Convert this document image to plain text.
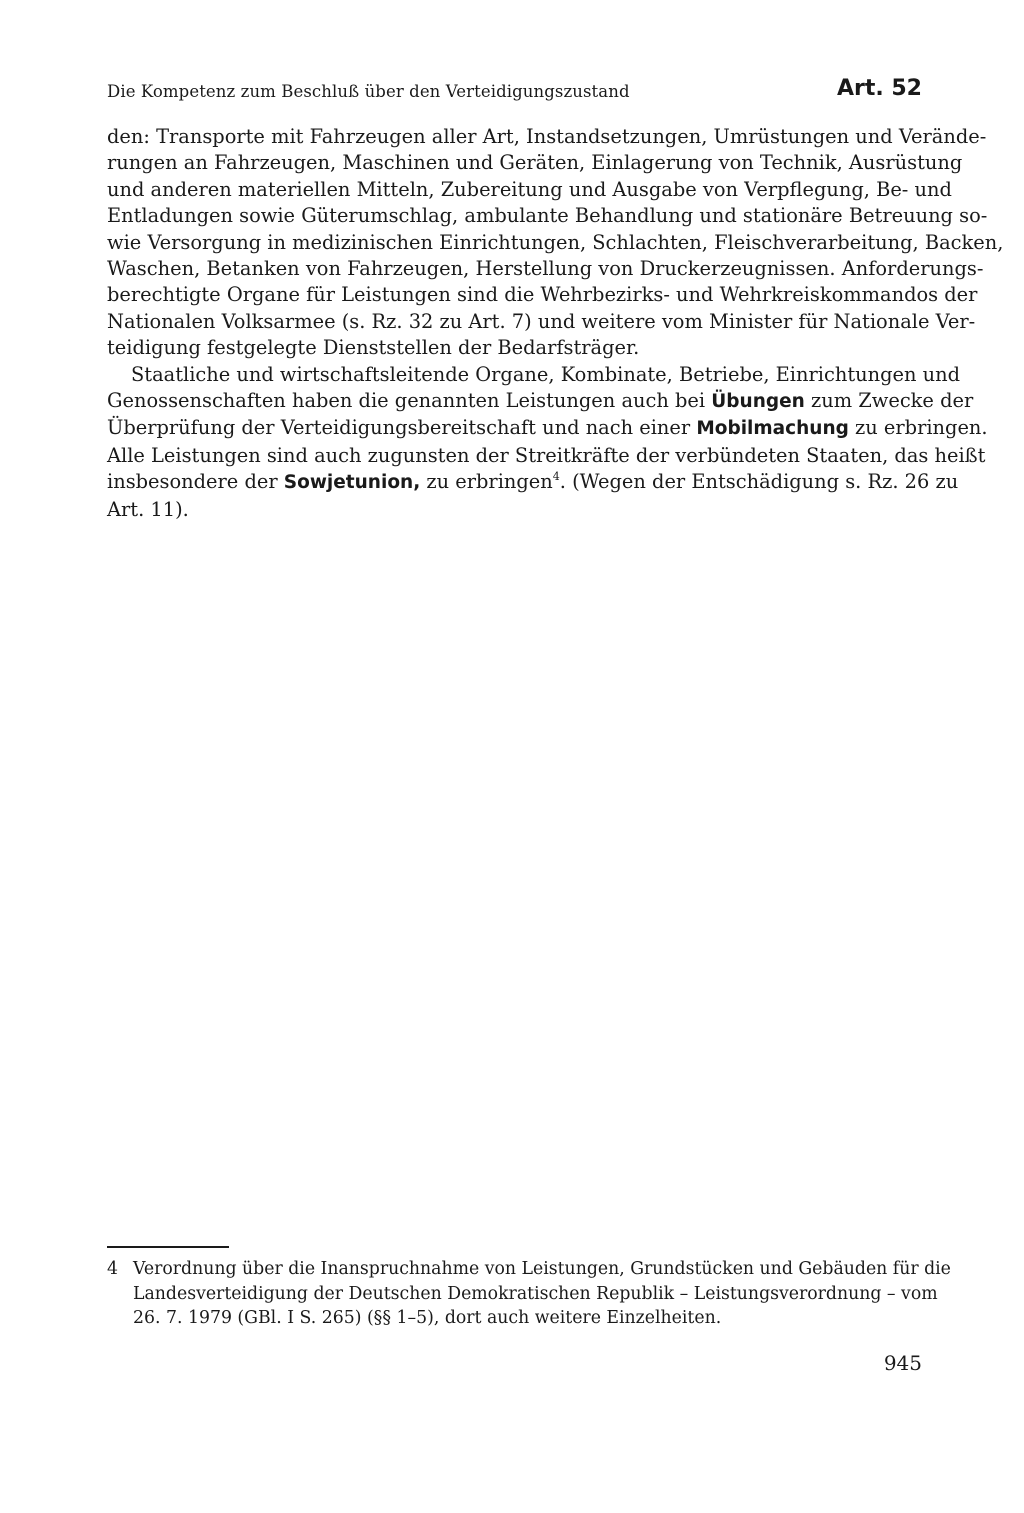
Die Kompetenz zum Beschluß über den Verteidigungszustand	Art. 52
den: Transporte mit Fahrzeugen aller Art, Instandsetzungen, Umrüstungen und Verände-
rungen an Fahrzeugen, Maschinen und Geräten, Einlagerung von Technik, Ausrüstung
und anderen materiellen Mitteln, Zubereitung und Ausgabe von Verpflegung, Be- und
Entladungen sowie Güterumschlag, ambulante Behandlung und stationäre Betreuung so-
wie Versorgung in medizinischen Einrichtungen, Schlachten, Fleischverarbeitung, Backen,
Waschen, Betanken von Fahrzeugen, Herstellung von Druckerzeugnissen. Anforderungs-
berechtigte Organe für Leistungen sind die Wehrbezirks- und Wehrkreiskommandos der
Nationalen Volksarmee (s. Rz. 32 zu Art. 7) und weitere vom Minister für Nationale Ver-
teidigung festgelegte Dienststellen der Bedarfsträger.
Staatliche und wirtschaftsleitende Organe, Kombinate, Betriebe, Einrichtungen und
Genossenschaften haben die genannten Leistungen auch bei Übungen zum Zwecke der
Überprüfung der Verteidigungsbereitschaft und nach einer Mobilmachung zu erbringen.
Alle Leistungen sind auch zugunsten der Streitkräfte der verbündeten Staaten, das heißt
insbesondere der Sowjetunion, zu erbringen$^4$. (Wegen der Entschädigung s. Rz. 26 zu
Art. 11).
4 Verordnung über die Inanspruchnahme von Leistungen, Grundstücken und Gebäuden für die
Landesverteidigung der Deutschen Demokratischen Republik – Leistungsverordnung – vom
26. 7. 1979 (GBl. I S. 265) (§§ 1–5), dort auch weitere Einzelheiten.
945
